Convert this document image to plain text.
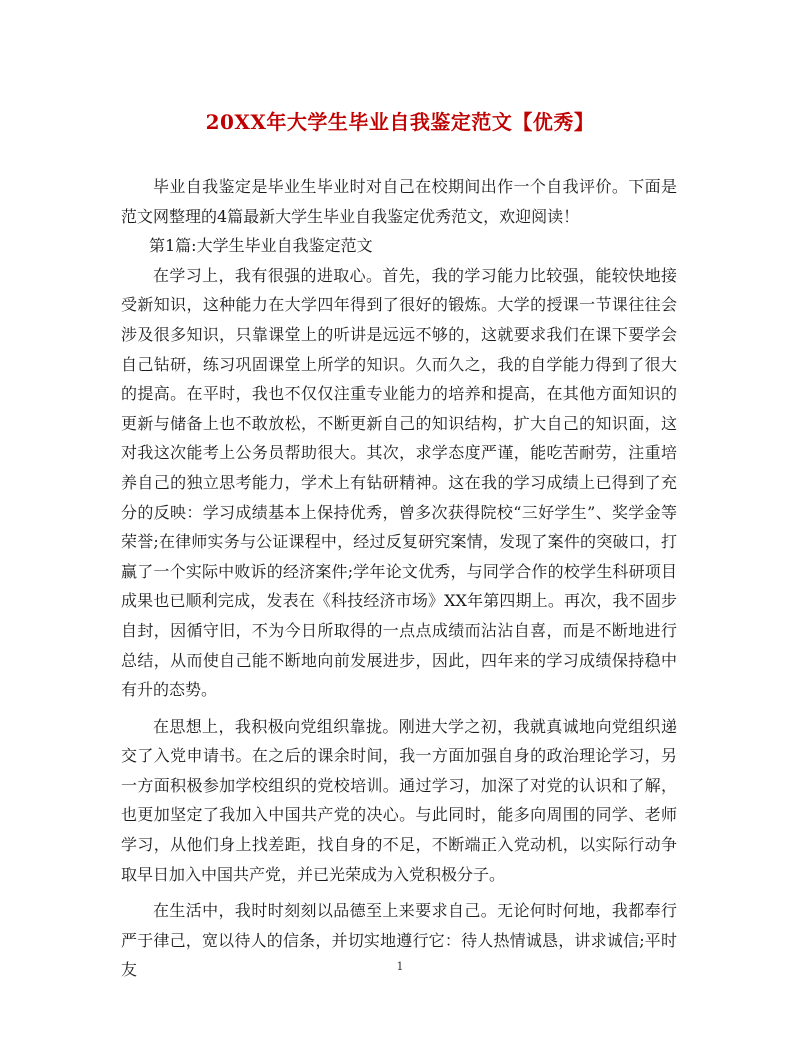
20XX年大学生毕业自我鉴定范文【优秀】

毕业自我鉴定是毕业生毕业时对自己在校期间出作一个自我评价。下面是范文网整理的4篇最新大学生毕业自我鉴定优秀范文，欢迎阅读！

第1篇:大学生毕业自我鉴定范文

在学习上，我有很强的进取心。首先，我的学习能力比较强，能较快地接受新知识，这种能力在大学四年得到了很好的锻炼。大学的授课一节课往往会涉及很多知识，只靠课堂上的听讲是远远不够的，这就要求我们在课下要学会自己钻研，练习巩固课堂上所学的知识。久而久之，我的自学能力得到了很大的提高。在平时，我也不仅仅注重专业能力的培养和提高，在其他方面知识的更新与储备上也不敢放松，不断更新自己的知识结构，扩大自己的知识面，这对我这次能考上公务员帮助很大。其次，求学态度严谨，能吃苦耐劳，注重培养自己的独立思考能力，学术上有钻研精神。这在我的学习成绩上已得到了充分的反映：学习成绩基本上保持优秀，曾多次获得院校“三好学生”、奖学金等荣誉;在律师实务与公证课程中，经过反复研究案情，发现了案件的突破口，打赢了一个实际中败诉的经济案件;学年论文优秀，与同学合作的校学生科研项目成果也已顺利完成，发表在《科技经济市场》XX年第四期上。再次，我不固步自封，因循守旧，不为今日所取得的一点点成绩而沾沾自喜，而是不断地进行总结，从而使自己能不断地向前发展进步，因此，四年来的学习成绩保持稳中有升的态势。

在思想上，我积极向党组织靠拢。刚进大学之初，我就真诚地向党组织递交了入党申请书。在之后的课余时间，我一方面加强自身的政治理论学习，另一方面积极参加学校组织的党校培训。通过学习，加深了对党的认识和了解，也更加坚定了我加入中国共产党的决心。与此同时，能多向周围的同学、老师学习，从他们身上找差距，找自身的不足，不断端正入党动机，以实际行动争取早日加入中国共产党，并已光荣成为入党积极分子。

在生活中，我时时刻刻以品德至上来要求自己。无论何时何地，我都奉行严于律己，宽以待人的信条，并切实地遵行它：待人热情诚恳，讲求诚信;平时友	1
